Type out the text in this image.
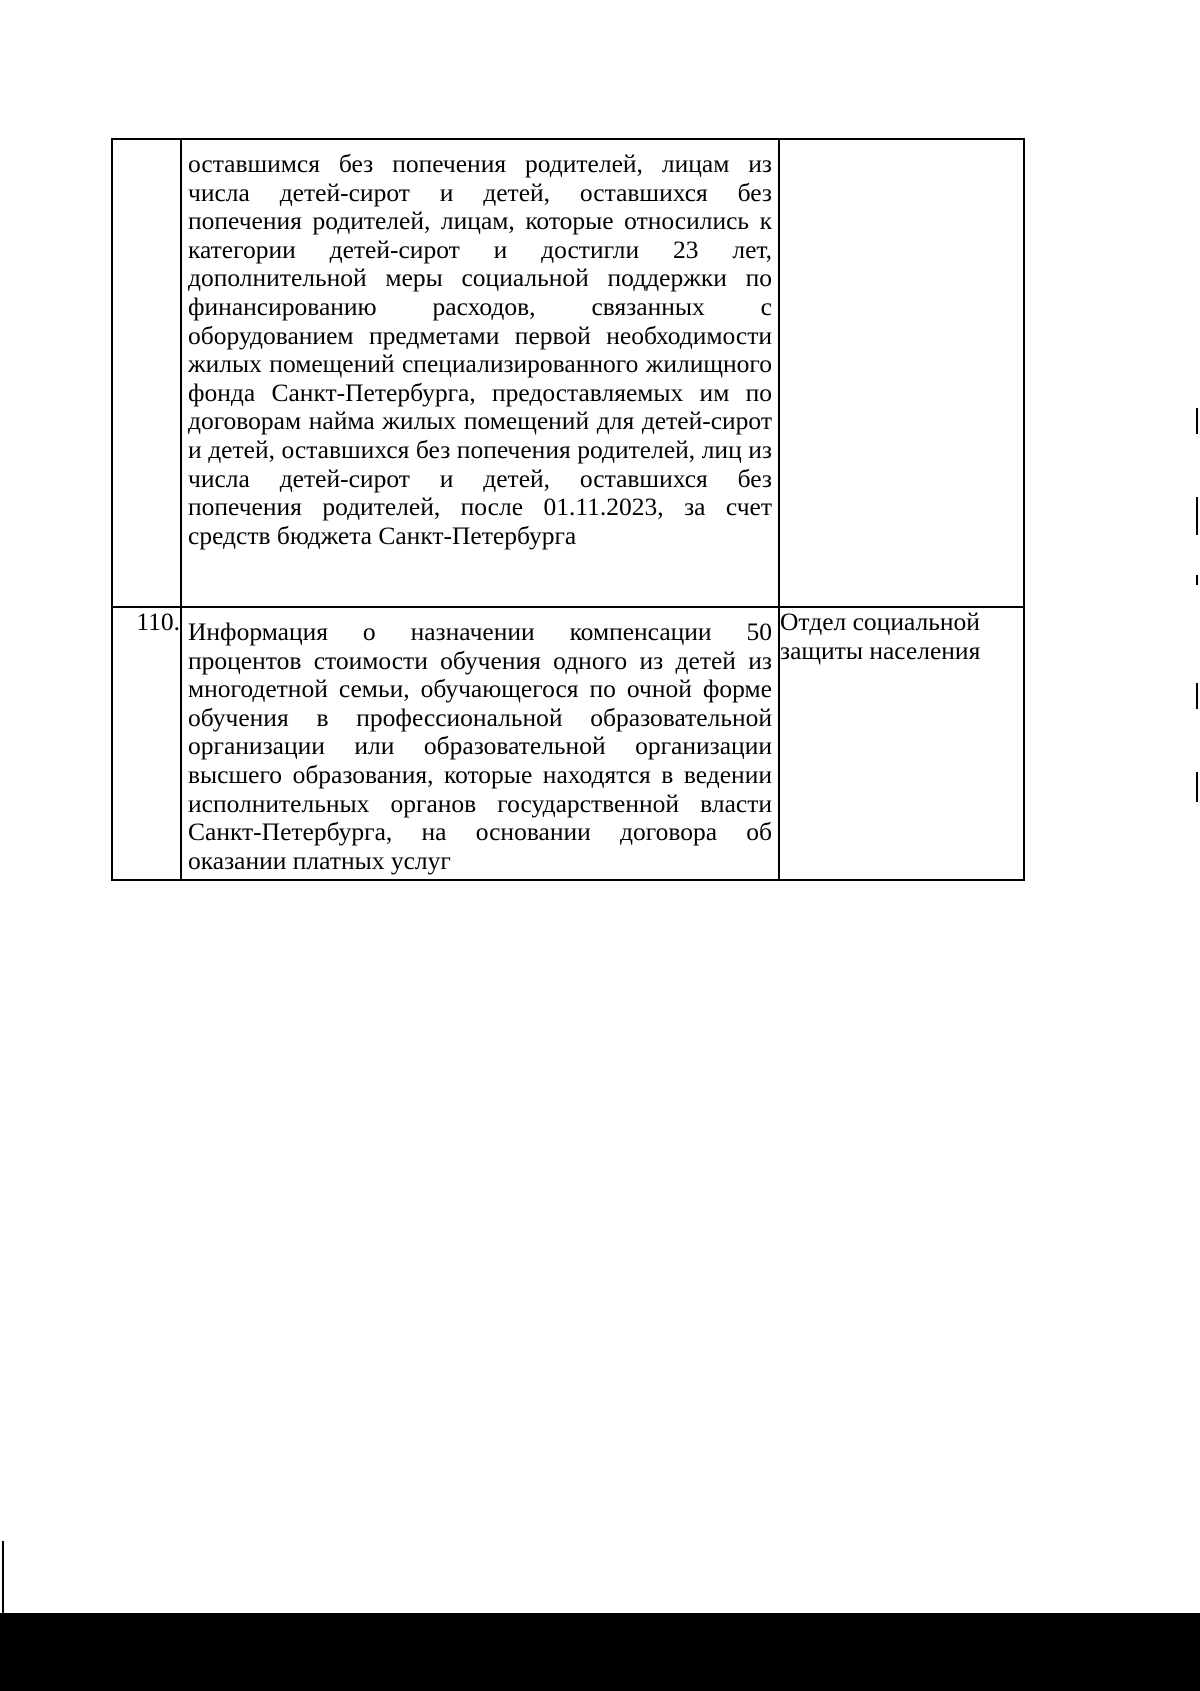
	оставшимся без попечения родителей, лицам из числа детей-сирот и детей, оставшихся без попечения родителей, лицам, которые относились к категории детей-сирот и достигли 23 лет, дополнительной меры социальной поддержки по финансированию расходов, связанных с оборудованием предметами первой необходимости жилых помещений специализированного жилищного фонда Санкт-Петербурга, предоставляемых им по договорам найма жилых помещений для детей-сирот и детей, оставшихся без попечения родителей, лиц из числа детей-сирот и детей, оставшихся без попечения родителей, после 01.11.2023, за счет средств бюджета Санкт-Петербурга	

110.	Информация о назначении компенсации 50 процентов стоимости обучения одного из детей из многодетной семьи, обучающегося по очной форме обучения в профессиональной образовательной организации или образовательной организации высшего образования, которые находятся в ведении исполнительных органов государственной власти Санкт-Петербурга, на основании договора об оказании платных услуг	Отдел социальной защиты населения
